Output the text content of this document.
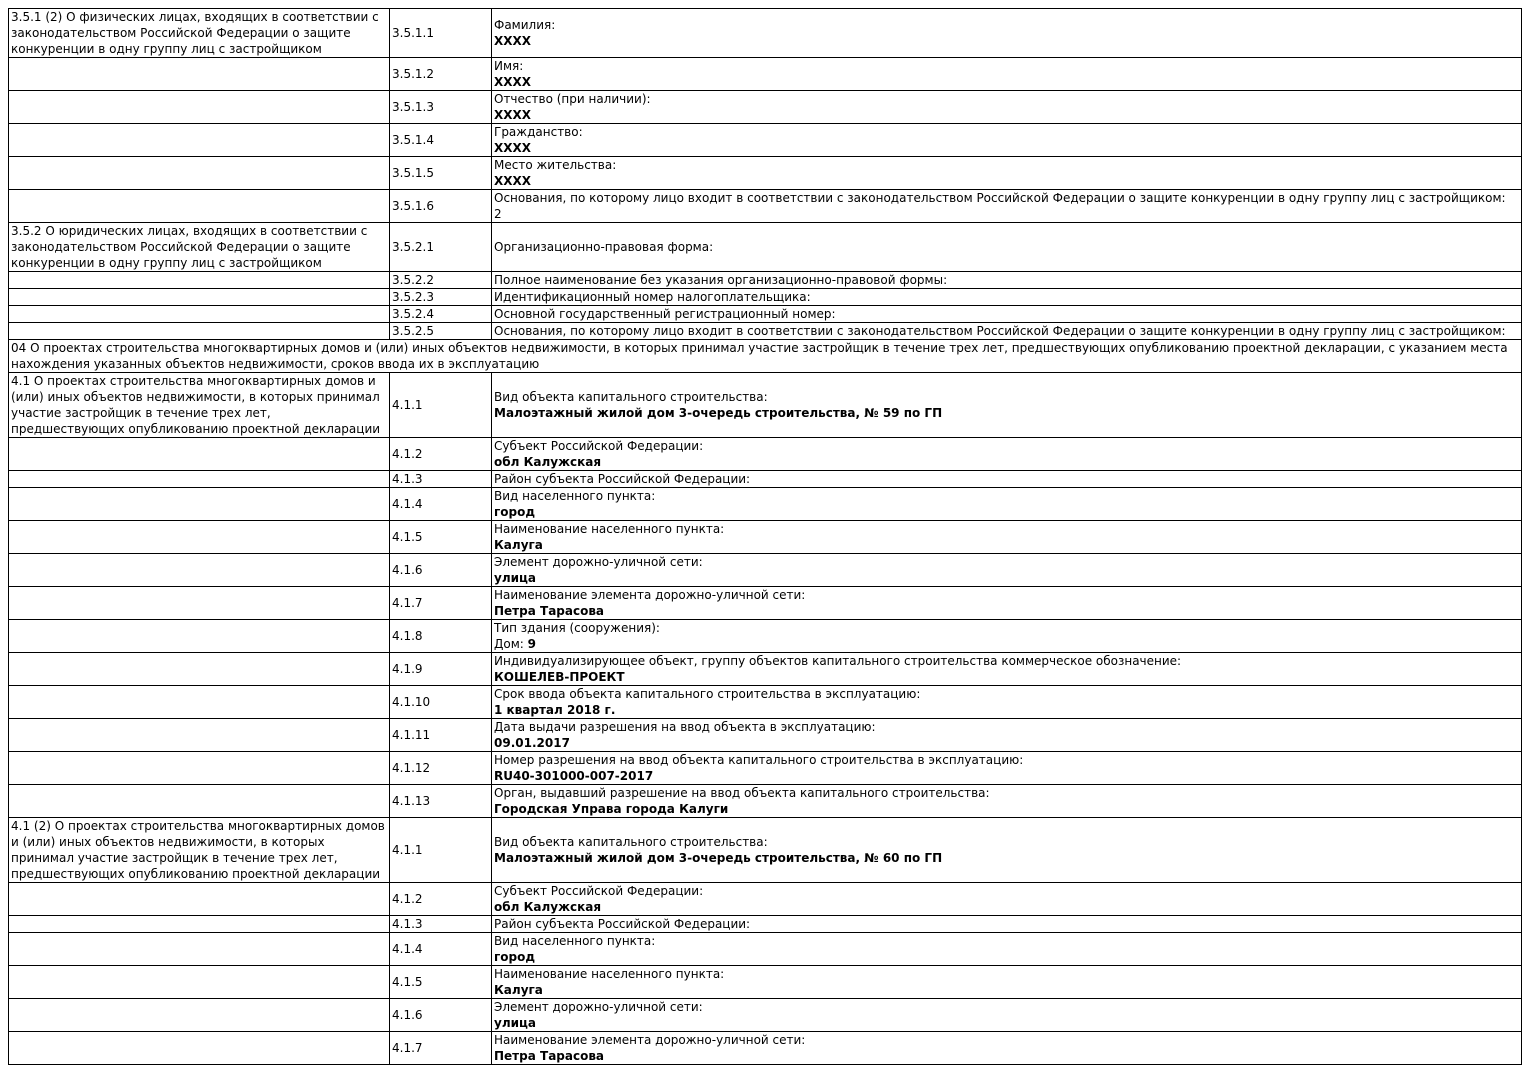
3.5.1 (2) О физических лицах, входящих в соответствии с законодательством Российской Федерации о защите конкуренции в одну группу лиц с застройщиком	3.5.1.1	Фамилия:
XXXX

	3.5.1.2	Имя:
XXXX

	3.5.1.3	Отчество (при наличии):
XXXX

	3.5.1.4	Гражданство:
XXXX

	3.5.1.5	Место жительства:
XXXX

	3.5.1.6	Основания, по которому лицо входит в соответствии с законодательством Российской Федерации о защите конкуренции в одну группу лиц с застройщиком:
2

3.5.2 О юридических лицах, входящих в соответствии с законодательством Российской Федерации о защите конкуренции в одну группу лиц с застройщиком	3.5.2.1	Организационно-правовая форма:

	3.5.2.2	Полное наименование без указания организационно-правовой формы:

	3.5.2.3	Идентификационный номер налогоплательщика:

	3.5.2.4	Основной государственный регистрационный номер:

	3.5.2.5	Основания, по которому лицо входит в соответствии с законодательством Российской Федерации о защите конкуренции в одну группу лиц с застройщиком:

04 О проектах строительства многоквартирных домов и (или) иных объектов недвижимости, в которых принимал участие застройщик в течение трех лет, предшествующих опубликованию проектной декларации, с указанием места нахождения указанных объектов недвижимости, сроков ввода их в эксплуатацию		
4.1 О проектах строительства многоквартирных домов и (или) иных объектов недвижимости, в которых принимал участие застройщик в течение трех лет, предшествующих опубликованию проектной декларации	4.1.1	Вид объекта капитального строительства:
Малоэтажный жилой дом 3-очередь строительства, № 59 по ГП

	4.1.2	Субъект Российской Федерации:
обл Калужская

	4.1.3	Район субъекта Российской Федерации:

	4.1.4	Вид населенного пункта:
город

	4.1.5	Наименование населенного пункта:
Калуга

	4.1.6	Элемент дорожно-уличной сети:
улица

	4.1.7	Наименование элемента дорожно-уличной сети:
Петра Тарасова

	4.1.8	Тип здания (сооружения):
Дом: 9

	4.1.9	Индивидуализирующее объект, группу объектов капитального строительства коммерческое обозначение:
КОШЕЛЕВ-ПРОЕКТ

	4.1.10	Срок ввода объекта капитального строительства в эксплуатацию:
1 квартал 2018 г.

	4.1.11	Дата выдачи разрешения на ввод объекта в эксплуатацию:
09.01.2017

	4.1.12	Номер разрешения на ввод объекта капитального строительства в эксплуатацию:
RU40-301000-007-2017

	4.1.13	Орган, выдавший разрешение на ввод объекта капитального строительства:
Городская Управа города Калуги

4.1 (2) О проектах строительства многоквартирных домов и (или) иных объектов недвижимости, в которых принимал участие застройщик в течение трех лет, предшествующих опубликованию проектной декларации	4.1.1	Вид объекта капитального строительства:
Малоэтажный жилой дом 3-очередь строительства, № 60 по ГП

	4.1.2	Субъект Российской Федерации:
обл Калужская

	4.1.3	Район субъекта Российской Федерации:

	4.1.4	Вид населенного пункта:
город

	4.1.5	Наименование населенного пункта:
Калуга

	4.1.6	Элемент дорожно-уличной сети:
улица

	4.1.7	Наименование элемента дорожно-уличной сети:
Петра Тарасова
